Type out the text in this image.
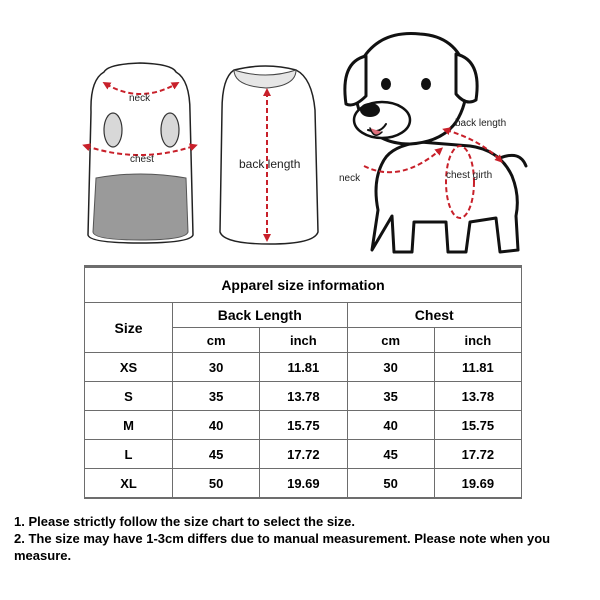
neck
chest	back length
back length
neck	chest girth
Apparel size information				
Size	Back Length		Chest	
	cm	inch	cm	inch
XS	30	11.81	30	11.81
S	35	13.78	35	13.78
M	40	15.75	40	15.75
L	45	17.72	45	17.72
XL	50	19.69	50	19.69

1. Please strictly follow the size chart to select the size.

2. The size may have 1-3cm differs due to manual measurement. Please note when you measure.
